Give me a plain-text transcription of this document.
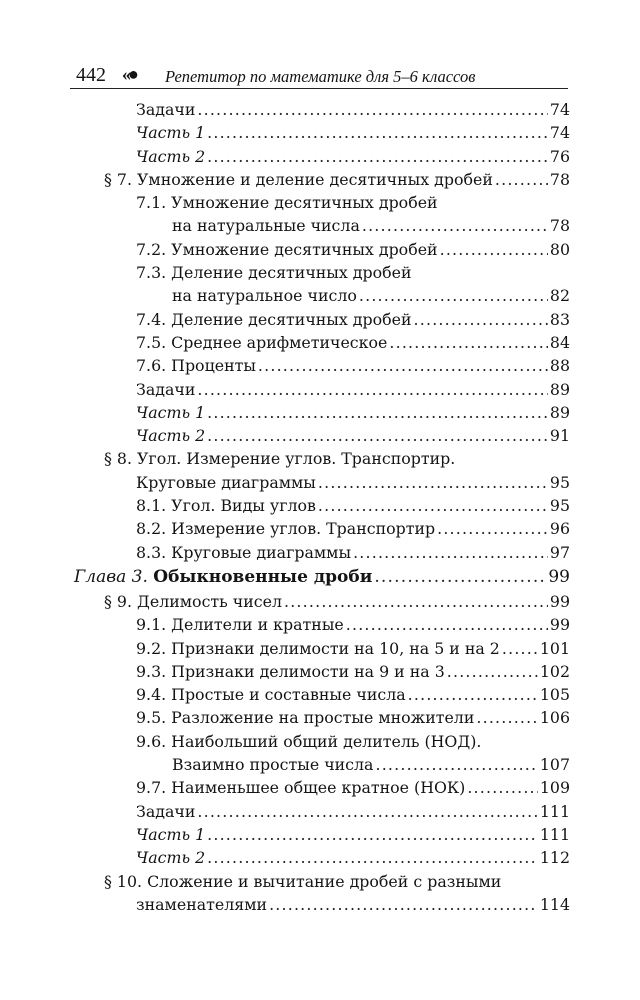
442 «● Репетитор по математике для 5–6 классов
Задачи .....	74
Часть 1 .....	74
Часть 2 .....	76
§ 7. Умножение и деление десятичных дробей .....	78
7.1. Умножение десятичных дробей
на натуральные числа .....	78
7.2. Умножение десятичных дробей .....	80
7.3. Деление десятичных дробей
на натуральное число .....	82
7.4. Деление десятичных дробей .....	83
7.5. Среднее арифметическое .....	84
7.6. Проценты .....	88
Задачи .....	89
Часть 1 .....	89
Часть 2 .....	91
§ 8. Угол. Измерение углов. Транспортир.
Круговые диаграммы .....	95
8.1. Угол. Виды углов .....	95
8.2. Измерение углов. Транспортир .....	96
8.3. Круговые диаграммы .....	97
Глава 3. Обыкновенные дроби .....	99
§ 9. Делимость чисел .....	99
9.1. Делители и кратные .....	99
9.2. Признаки делимости на 10, на 5 и на 2 .....	101
9.3. Признаки делимости на 9 и на 3 .....	102
9.4. Простые и составные числа .....	105
9.5. Разложение на простые множители .....	106
9.6. Наибольший общий делитель (НОД).
Взаимно простые числа .....	107
9.7. Наименьшее общее кратное (НОК) .....	109
Задачи .....	111
Часть 1 .....	111
Часть 2 .....	112
§ 10. Сложение и вычитание дробей с разными
знаменателями .....	114
